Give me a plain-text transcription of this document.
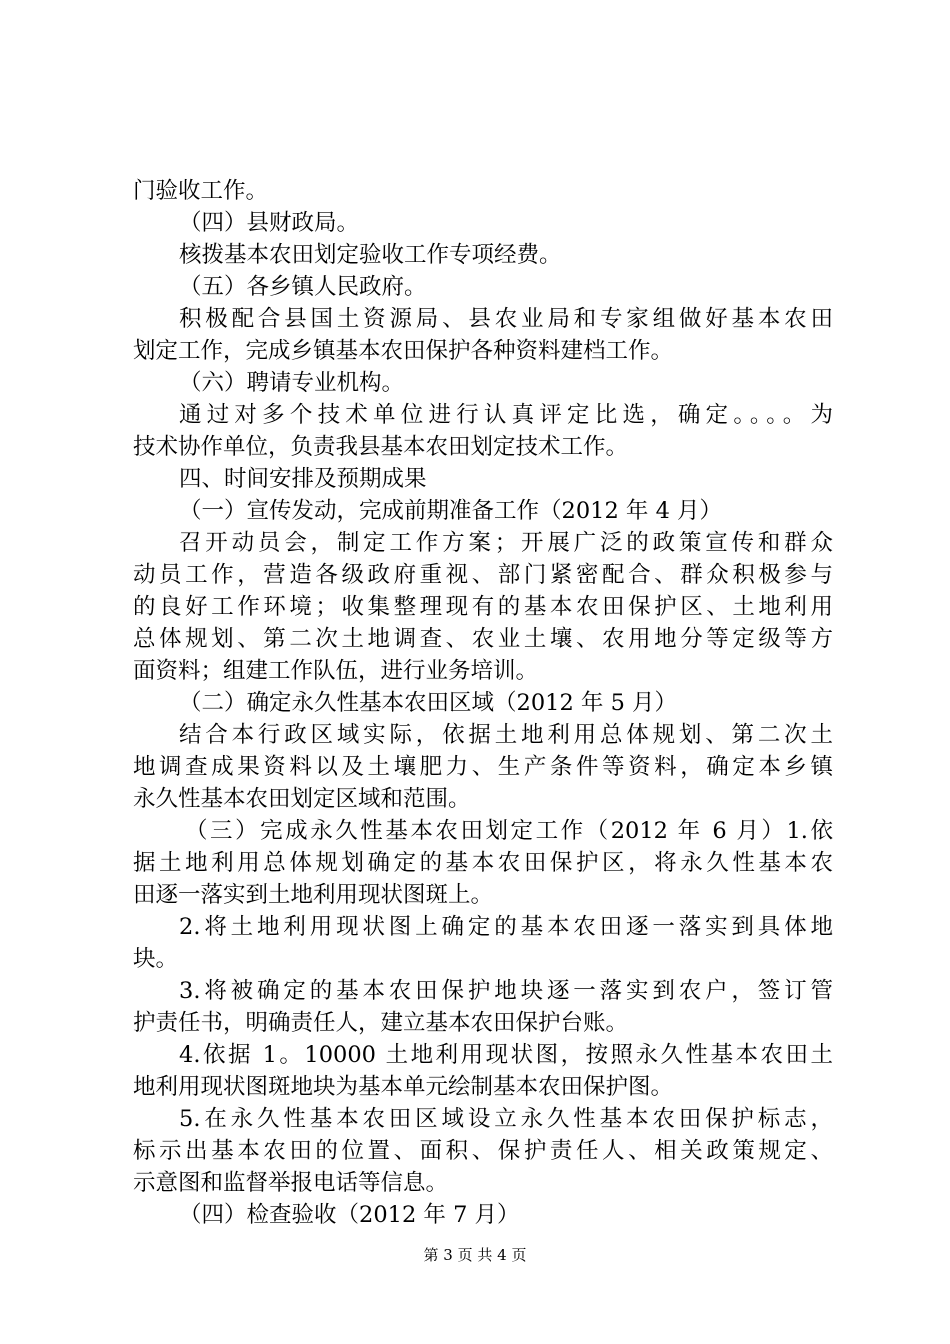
门验收工作。
（四）县财政局。
核拨基本农田划定验收工作专项经费。
（五）各乡镇人民政府。
积极配合县国土资源局、县农业局和专家组做好基本农田
划定工作，完成乡镇基本农田保护各种资料建档工作。
（六）聘请专业机构。
通过对多个技术单位进行认真评定比选，确定。。。。为
技术协作单位，负责我县基本农田划定技术工作。
四、时间安排及预期成果
（一）宣传发动，完成前期准备工作（2012 年 4 月）
召开动员会，制定工作方案；开展广泛的政策宣传和群众
动员工作，营造各级政府重视、部门紧密配合、群众积极参与
的良好工作环境；收集整理现有的基本农田保护区、土地利用
总体规划、第二次土地调查、农业土壤、农用地分等定级等方
面资料；组建工作队伍，进行业务培训。
（二）确定永久性基本农田区域（2012 年 5 月）
结合本行政区域实际，依据土地利用总体规划、第二次土
地调查成果资料以及土壤肥力、生产条件等资料，确定本乡镇
永久性基本农田划定区域和范围。
（三）完成永久性基本农田划定工作（2012 年 6 月）1.依
据土地利用总体规划确定的基本农田保护区，将永久性基本农
田逐一落实到土地利用现状图斑上。
2.将土地利用现状图上确定的基本农田逐一落实到具体地
块。
3.将被确定的基本农田保护地块逐一落实到农户，签订管
护责任书，明确责任人，建立基本农田保护台账。
4.依据 1。10000 土地利用现状图，按照永久性基本农田土
地利用现状图斑地块为基本单元绘制基本农田保护图。
5.在永久性基本农田区域设立永久性基本农田保护标志，
标示出基本农田的位置、面积、保护责任人、相关政策规定、
示意图和监督举报电话等信息。
（四）检查验收（2012 年 7 月）
第 3 页 共 4 页
